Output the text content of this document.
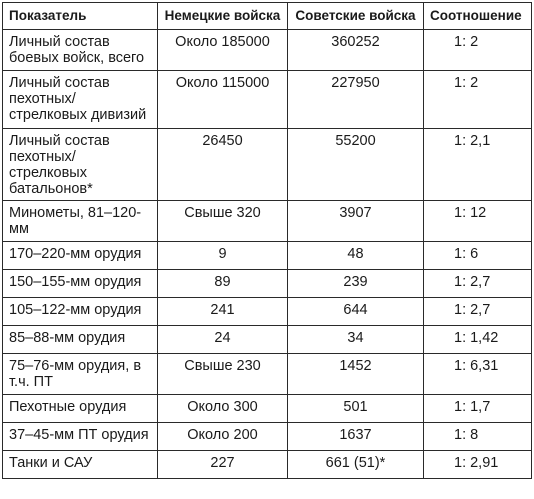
Показатель	Немецкие войска	Советские войска	Соотношение
Личный состав боевых войск, всего	Около 185000	360252	1: 2
Личный состав пехотных/стрелковых дивизий	Около 115000	227950	1: 2
Личный состав пехотных/стрелковых батальонов*	26450	55200	1: 2,1
Минометы, 81–120-мм	Свыше 320	3907	1: 12
170–220-мм орудия	9	48	1: 6
150–155-мм орудия	89	239	1: 2,7
105–122-мм орудия	241	644	1: 2,7
85–88-мм орудия	24	34	1: 1,42
75–76-мм орудия, в т.ч. ПТ	Свыше 230	1452	1: 6,31
Пехотные орудия	Около 300	501	1: 1,7
37–45-мм ПТ орудия	Около 200	1637	1: 8
Танки и САУ	227	661 (51)*	1: 2,91
